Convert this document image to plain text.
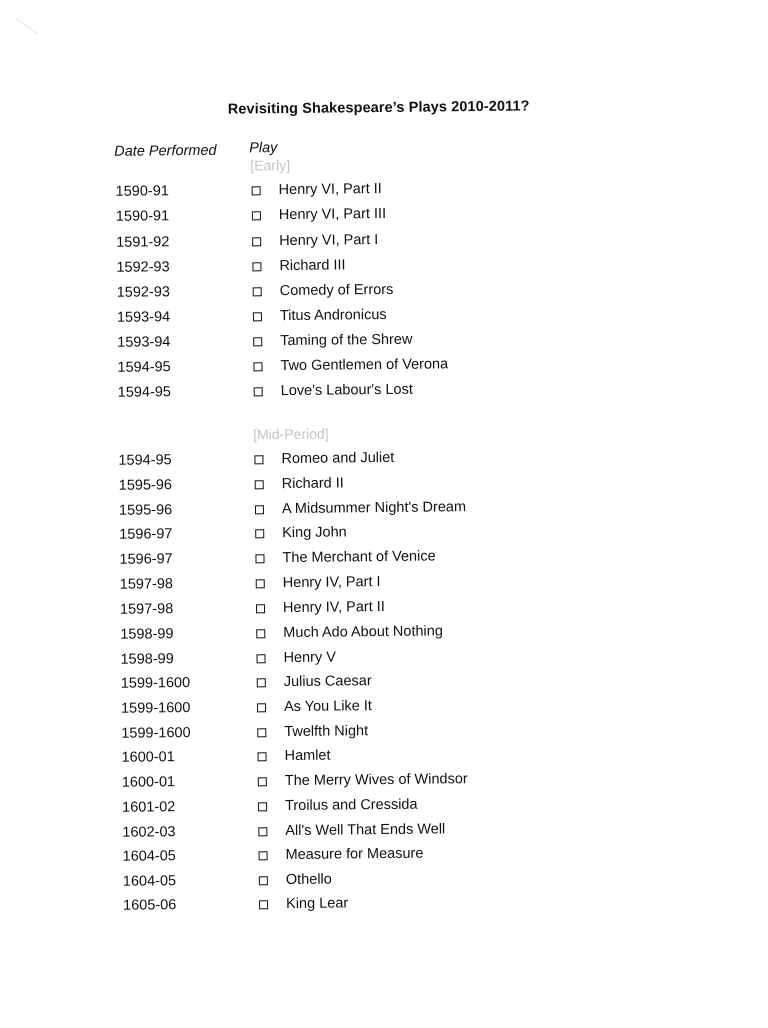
Revisiting Shakespeare’s Plays 2010-2011?
Date Performed Play
[Early]
1590-91	Henry VI, Part II
1590-91	Henry VI, Part III
1591-92	Henry VI, Part I
1592-93	Richard III
1592-93	Comedy of Errors
1593-94	Titus Andronicus
1593-94	Taming of the Shrew
1594-95	Two Gentlemen of Verona
1594-95	Love's Labour's Lost
[Mid-Period]
1594-95	Romeo and Juliet
1595-96	Richard II
1595-96	A Midsummer Night's Dream
1596-97	King John
1596-97	The Merchant of Venice
1597-98	Henry IV, Part I
1597-98	Henry IV, Part II
1598-99	Much Ado About Nothing
1598-99	Henry V
1599-1600	Julius Caesar
1599-1600	As You Like It
1599-1600	Twelfth Night
1600-01	Hamlet
1600-01	The Merry Wives of Windsor
1601-02	Troilus and Cressida
1602-03	All's Well That Ends Well
1604-05	Measure for Measure
1604-05	Othello
1605-06	King Lear
